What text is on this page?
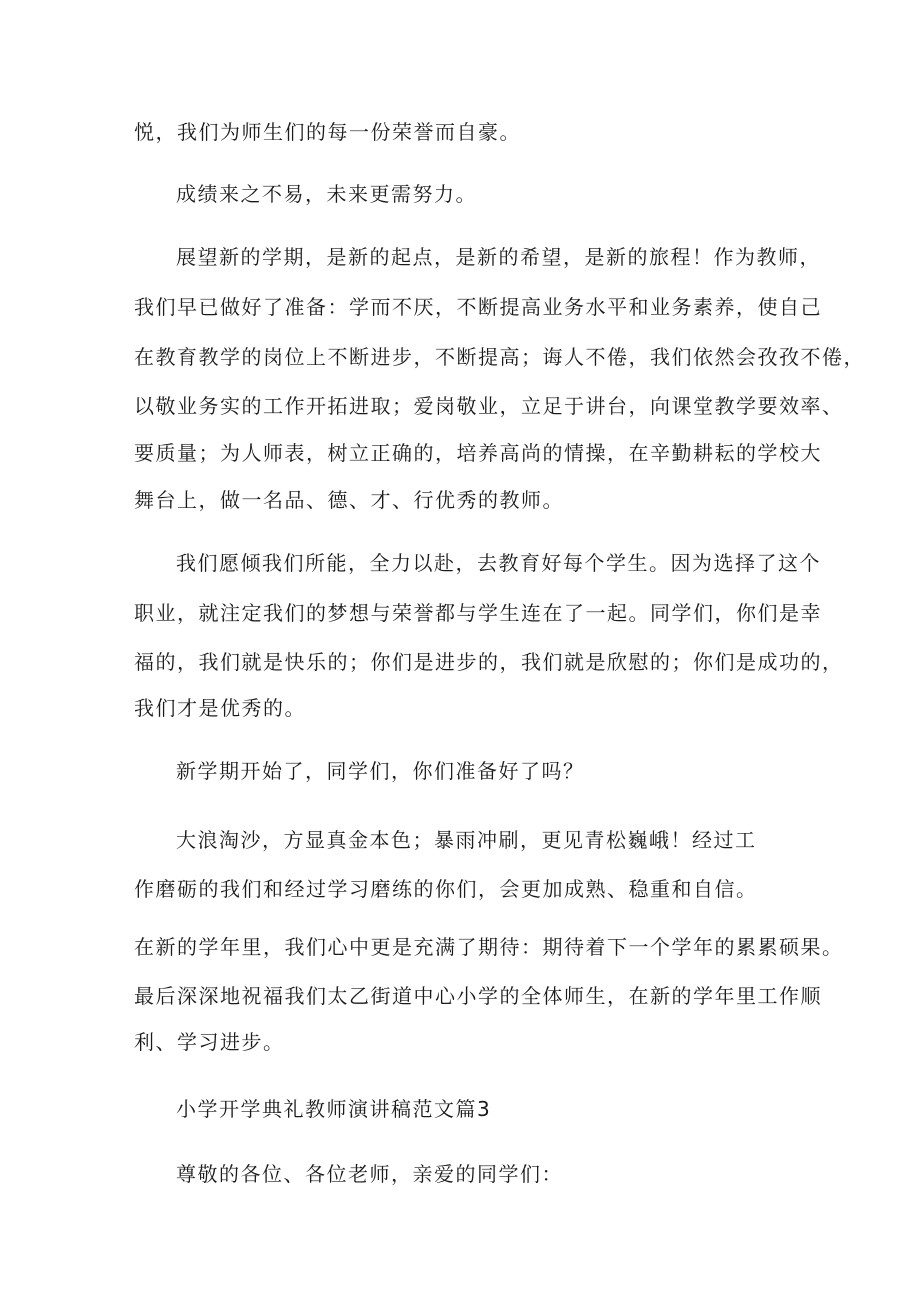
悦，我们为师生们的每一份荣誉而自豪。
成绩来之不易，未来更需努力。
展望新的学期，是新的起点，是新的希望，是新的旅程！作为教师，
我们早已做好了准备：学而不厌，不断提高业务水平和业务素养，使自己
在教育教学的岗位上不断进步，不断提高；诲人不倦，我们依然会孜孜不倦，
以敬业务实的工作开拓进取；爱岗敬业，立足于讲台，向课堂教学要效率、
要质量；为人师表，树立正确的，培养高尚的情操，在辛勤耕耘的学校大
舞台上，做一名品、德、才、行优秀的教师。
我们愿倾我们所能，全力以赴，去教育好每个学生。因为选择了这个
职业，就注定我们的梦想与荣誉都与学生连在了一起。同学们，你们是幸
福的，我们就是快乐的；你们是进步的，我们就是欣慰的；你们是成功的，
我们才是优秀的。
新学期开始了，同学们，你们准备好了吗？
大浪淘沙，方显真金本色；暴雨冲刷，更见青松巍峨！经过工
作磨砺的我们和经过学习磨练的你们，会更加成熟、稳重和自信。
在新的学年里，我们心中更是充满了期待：期待着下一个学年的累累硕果。
最后深深地祝福我们太乙街道中心小学的全体师生，在新的学年里工作顺
利、学习进步。
小学开学典礼教师演讲稿范文篇3
尊敬的各位、各位老师，亲爱的同学们：
